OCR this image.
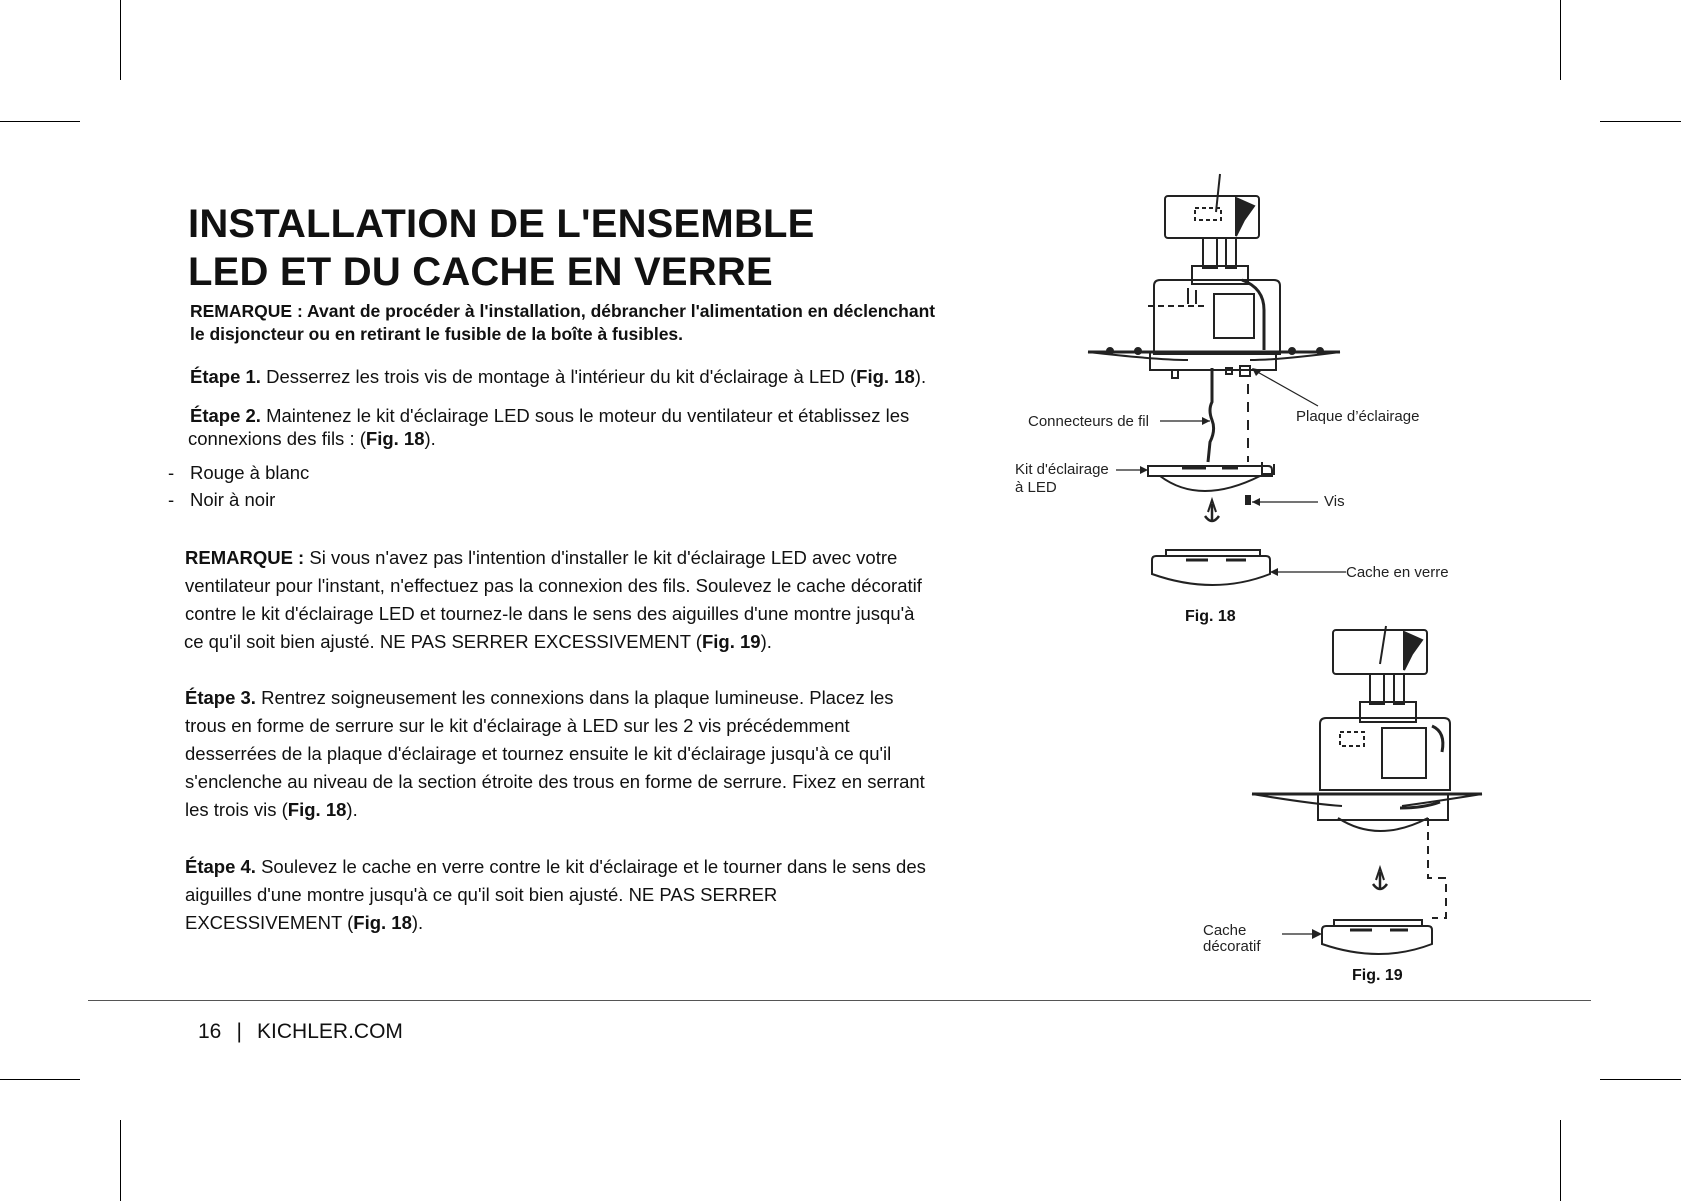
INSTALLATION DE L'ENSEMBLE
LED ET DU CACHE EN VERRE
REMARQUE : Avant de procéder à l'installation, débrancher l'alimentation en déclenchant
le disjoncteur ou en retirant le fusible de la boîte à fusibles.
Étape 1. Desserrez les trois vis de montage à l'intérieur du kit d'éclairage à LED (Fig. 18).
Étape 2. Maintenez le kit d'éclairage LED sous le moteur du ventilateur et établissez les
connexions des fils : (Fig. 18).
- Rouge à blanc
- Noir à noir
REMARQUE : Si vous n'avez pas l'intention d'installer le kit d'éclairage LED avec votre
ventilateur pour l'instant, n'effectuez pas la connexion des fils. Soulevez le cache décoratif
contre le kit d'éclairage LED et tournez-le dans le sens des aiguilles d'une montre jusqu'à
ce qu'il soit bien ajusté. NE PAS SERRER EXCESSIVEMENT (Fig. 19).
Étape 3. Rentrez soigneusement les connexions dans la plaque lumineuse. Placez les
trous en forme de serrure sur le kit d'éclairage à LED sur les 2 vis précédemment
desserrées de la plaque d'éclairage et tournez ensuite le kit d'éclairage jusqu'à ce qu'il
s'enclenche au niveau de la section étroite des trous en forme de serrure. Fixez en serrant
les trois vis (Fig. 18).
Étape 4. Soulevez le cache en verre contre le kit d'éclairage et le tourner dans le sens des
aiguilles d'une montre jusqu'à ce qu'il soit bien ajusté. NE PAS SERRER
EXCESSIVEMENT (Fig. 18).
16 | KICHLER.COM
Connecteurs de fil	Plaque d’éclairage
Kit d'éclairage
à LED
Vis
Cache en verre
Fig. 18
Cache
décoratif
Fig. 19
